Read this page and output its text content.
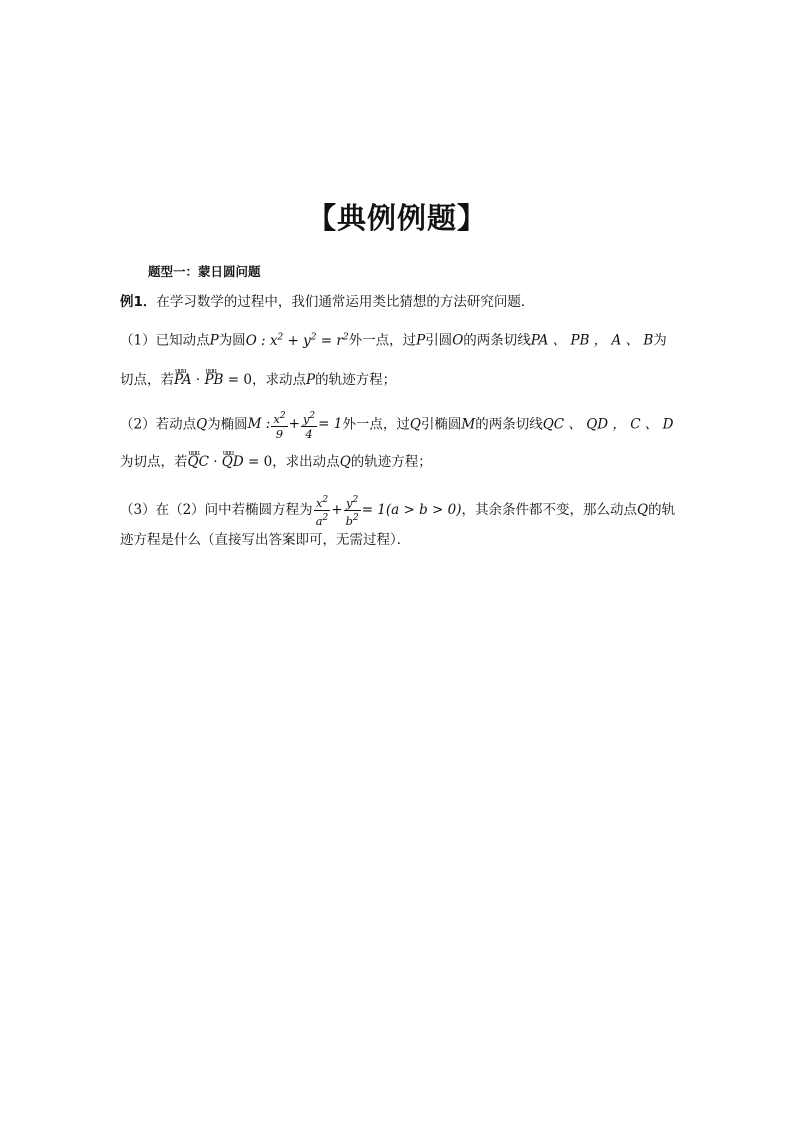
【典例例题】
题型一：蒙日圆问题
例1．在学习数学的过程中，我们通常运用类比猜想的方法研究问题．
（1）已知动点P为圆O : $x^2 + y^2 = r^2$外一点，过P引圆O的两条切线PA 、 PB ， A 、 B为
切点，若uuu PA · uuu PB = 0，求动点P的轨迹方程；
（2）若动点Q为椭圆M : $\frac{x^2}{9} + \frac{y^2}{4} = 1$外一点，过Q引椭圆M的两条切线QC 、 QD ， C 、 D
为切点，若uuu QC · uuu QD = 0，求出动点Q的轨迹方程；
（3）在（2）问中若椭圆方程为 $\frac{x^2}{a^2} + \frac{y^2}{b^2} = 1(a > b > 0)$，其余条件都不变，那么动点Q的轨
迹方程是什么（直接写出答案即可，无需过程）．
